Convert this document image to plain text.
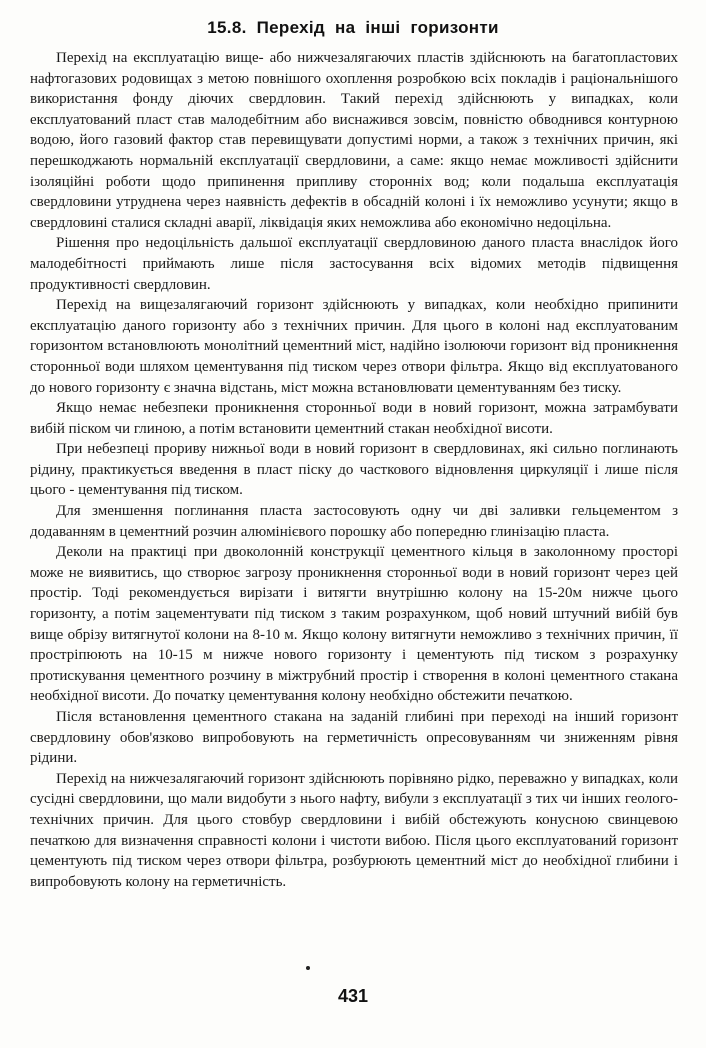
15.8. Перехід на інші горизонти

Перехід на експлуатацію вище- або нижчезалягаючих пластів здійснюють на багатопластових нафтогазових родовищах з метою повнішого охоплення розробкою всіх покладів і раціональнішого використання фонду діючих свердловин. Такий перехід здійснюють у випадках, коли експлуатований пласт став малодебітним або виснажився зовсім, повністю обводнився контурною водою, його газовий фактор став перевищувати допустимі норми, а також з технічних причин, які перешкоджають нормальній експлуатації свердловини, а саме: якщо немає можливості здійснити ізоляційні роботи щодо припинення припливу сторонніх вод; коли подальша експлуатація свердловини утруднена через наявність дефектів в обсадній колоні і їх неможливо усунути; якщо в свердловині сталися складні аварії, ліквідація яких неможлива або економічно недоцільна.

Рішення про недоцільність дальшої експлуатації свердловиною даного пласта внаслідок його малодебітності приймають лише після застосування всіх відомих методів підвищення продуктивності свердловин.

Перехід на вищезалягаючий горизонт здійснюють у випадках, коли необхідно припинити експлуатацію даного горизонту або з технічних причин. Для цього в колоні над експлуатованим горизонтом встановлюють монолітний цементний міст, надійно ізолюючи горизонт від проникнення сторонньої води шляхом цементування під тиском через отвори фільтра. Якщо від експлуатованого до нового горизонту є значна відстань, міст можна встановлювати цементуванням без тиску.

Якщо немає небезпеки проникнення сторонньої води в новий горизонт, можна затрамбувати вибій піском чи глиною, а потім встановити цементний стакан необхідної висоти.

При небезпеці прориву нижньої води в новий горизонт в свердловинах, які сильно поглинають рідину, практикується введення в пласт піску до часткового відновлення циркуляції і лише після цього - цементування під тиском.

Для зменшення поглинання пласта застосовують одну чи дві заливки гельцементом з додаванням в цементний розчин алюмінієвого порошку або попередню глинізацію пласта.

Деколи на практиці при двоколонній конструкції цементного кільця в заколонному просторі може не виявитись, що створює загрозу проникнення сторонньої води в новий горизонт через цей простір. Тоді рекомендується вирізати і витягти внутрішню колону на 15-20м нижче цього горизонту, а потім зацементувати під тиском з таким розрахунком, щоб новий штучний вибій був вище обрізу витягнутої колони на 8-10 м. Якщо колону витягнути неможливо з технічних причин, її простріпюють на 10-15 м нижче нового горизонту і цементують під тиском з розрахунку протискування цементного розчину в міжтрубний простір і створення в колоні цементного стакана необхідної висоти. До початку цементування колону необхідно обстежити печаткою.

Після встановлення цементного стакана на заданій глибині при переході на інший горизонт свердловину обов'язково випробовують на герметичність опресовуванням чи зниженням рівня рідини.

Перехід на нижчезалягаючий горизонт здійснюють порівняно рідко, переважно у випадках, коли сусідні свердловини, що мали видобути з нього нафту, вибули з експлуатації з тих чи інших геолого-технічних причин. Для цього стовбур свердловини і вибій обстежують конусною свинцевою печаткою для визначення справності колони і чистоти вибою. Після цього експлуатований горизонт цементують під тиском через отвори фільтра, розбурюють цементний міст до необхідної глибини і випробовують колону на герметичність.

431
